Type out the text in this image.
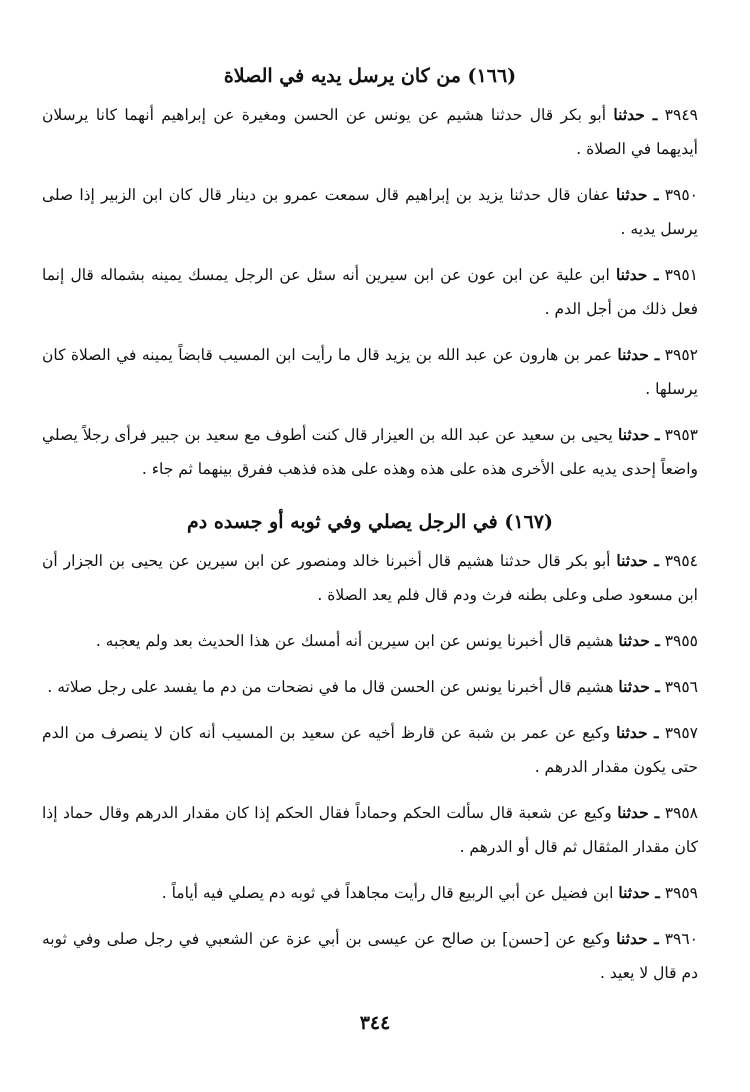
(١٦٦) من كان يرسل يديه في الصلاة

٣٩٤٩ ـ حدثنا أبو بكر قال حدثنا هشيم عن يونس عن الحسن ومغيرة عن إبراهيم أنهما كانا يرسلان أيديهما في الصلاة .

٣٩٥٠ ـ حدثنا عفان قال حدثنا يزيد بن إبراهيم قال سمعت عمرو بن دينار قال كان ابن الزبير إذا صلى يرسل يديه .

٣٩٥١ ـ حدثنا ابن علية عن ابن عون عن ابن سيرين أنه سئل عن الرجل يمسك يمينه بشماله قال إنما فعل ذلك من أجل الدم .

٣٩٥٢ ـ حدثنا عمر بن هارون عن عبد الله بن يزيد قال ما رأيت ابن المسيب قابضاً يمينه في الصلاة كان يرسلها .

٣٩٥٣ ـ حدثنا يحيى بن سعيد عن عبد الله بن العيزار قال كنت أطوف مع سعيد بن جبير فرأى رجلاً يصلي واضعاً إحدى يديه على الأخرى هذه على هذه وهذه على هذه فذهب ففرق بينهما ثم جاء .

(١٦٧) في الرجل يصلي وفي ثوبه أو جسده دم

٣٩٥٤ ـ حدثنا أبو بكر قال حدثنا هشيم قال أخبرنا خالد ومنصور عن ابن سيرين عن يحيى بن الجزار أن ابن مسعود صلى وعلى بطنه فرث ودم قال فلم يعد الصلاة .

٣٩٥٥ ـ حدثنا هشيم قال أخبرنا يونس عن ابن سيرين أنه أمسك عن هذا الحديث بعد ولم يعجبه .

٣٩٥٦ ـ حدثنا هشيم قال أخبرنا يونس عن الحسن قال ما في نضحات من دم ما يفسد على رجل صلاته .

٣٩٥٧ ـ حدثنا وكيع عن عمر بن شبة عن قارظ أخيه عن سعيد بن المسيب أنه كان لا ينصرف من الدم حتى يكون مقدار الدرهم .

٣٩٥٨ ـ حدثنا وكيع عن شعبة قال سألت الحكم وحماداً فقال الحكم إذا كان مقدار الدرهم وقال حماد إذا كان مقدار المثقال ثم قال أو الدرهم .

٣٩٥٩ ـ حدثنا ابن فضيل عن أبي الربيع قال رأيت مجاهداً في ثوبه دم يصلي فيه أياماً .

٣٩٦٠ ـ حدثنا وكيع عن [حسن] بن صالح عن عيسى بن أبي عزة عن الشعبي في رجل صلى وفي ثوبه دم قال لا يعيد .

٣٤٤
